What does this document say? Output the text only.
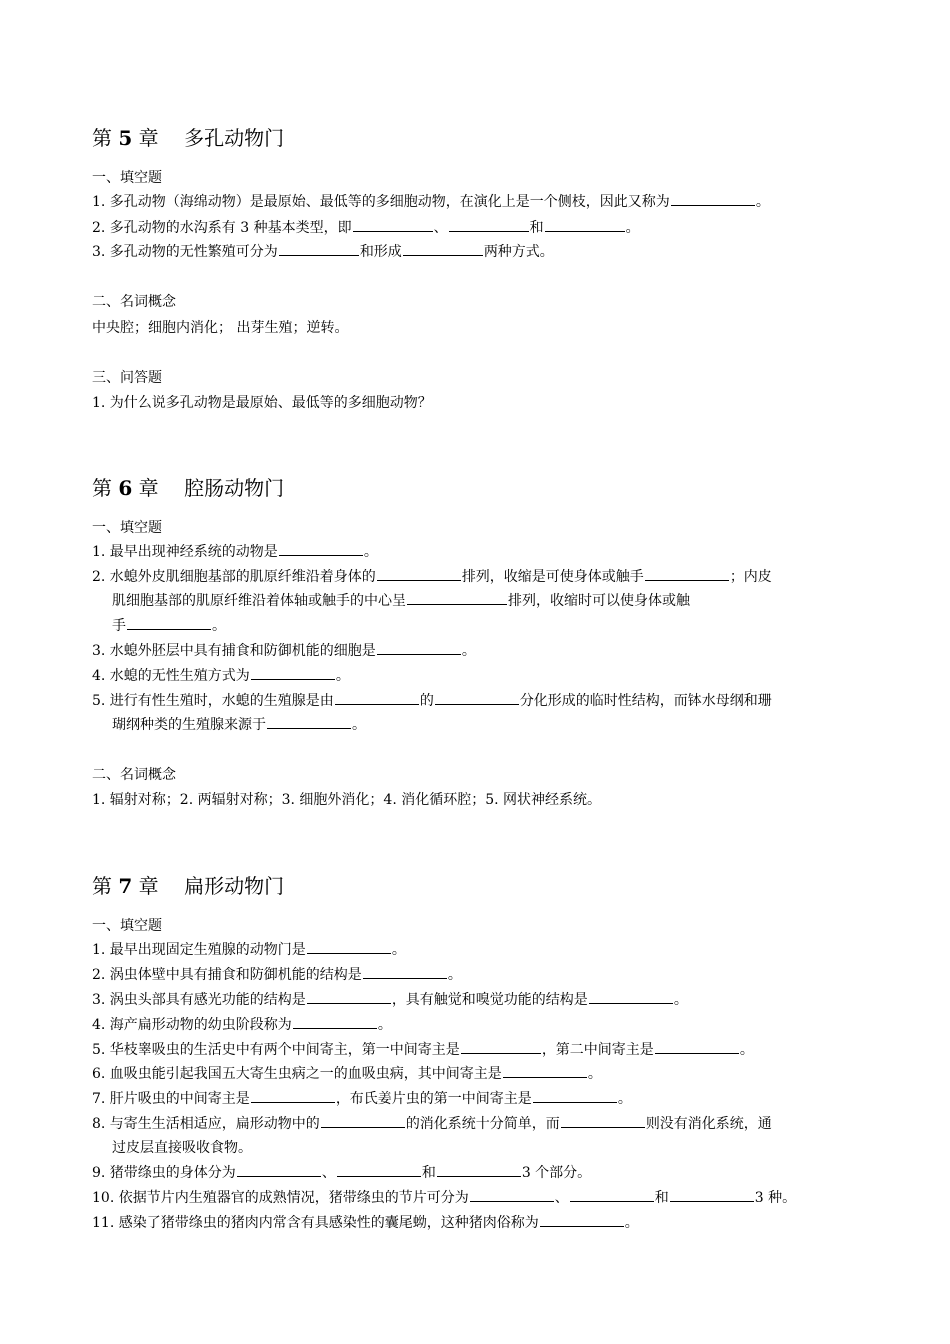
第 5 章 多孔动物门
一、填空题
1. 多孔动物（海绵动物）是最原始、最低等的多细胞动物，在演化上是一个侧枝，因此又称为	。
2. 多孔动物的水沟系有 3 种基本类型，即	、	和	。
3. 多孔动物的无性繁殖可分为	和形成	两种方式。
二、名词概念
中央腔；细胞内消化； 出芽生殖；逆转。
三、问答题
1. 为什么说多孔动物是最原始、最低等的多细胞动物？
第 6 章 腔肠动物门
一、填空题
1. 最早出现神经系统的动物是	。
2. 水螅外皮肌细胞基部的肌原纤维沿着身体的	排列，收缩是可使身体或触手	；内皮
肌细胞基部的肌原纤维沿着体轴或触手的中心呈	排列，收缩时可以使身体或触
手	。
3. 水螅外胚层中具有捕食和防御机能的细胞是	。
4. 水螅的无性生殖方式为	。
5. 进行有性生殖时，水螅的生殖腺是由	的	分化形成的临时性结构，而钵水母纲和珊
瑚纲种类的生殖腺来源于	。
二、名词概念
1. 辐射对称；2. 两辐射对称；3. 细胞外消化；4. 消化循环腔；5. 网状神经系统。
第 7 章 扁形动物门
一、填空题
1. 最早出现固定生殖腺的动物门是	。
2. 涡虫体壁中具有捕食和防御机能的结构是	。
3. 涡虫头部具有感光功能的结构是	，具有触觉和嗅觉功能的结构是	。
4. 海产扁形动物的幼虫阶段称为	。
5. 华枝睾吸虫的生活史中有两个中间寄主，第一中间寄主是	，第二中间寄主是	。
6. 血吸虫能引起我国五大寄生虫病之一的血吸虫病，其中间寄主是	。
7. 肝片吸虫的中间寄主是	，布氏姜片虫的第一中间寄主是	。
8. 与寄生生活相适应，扁形动物中的	的消化系统十分简单，而	则没有消化系统，通
过皮层直接吸收食物。
9. 猪带绦虫的身体分为	、	和	3 个部分。
10. 依据节片内生殖器官的成熟情况，猪带绦虫的节片可分为	、	和	3 种。
11. 感染了猪带绦虫的猪肉内常含有具感染性的囊尾蚴，这种猪肉俗称为	。
